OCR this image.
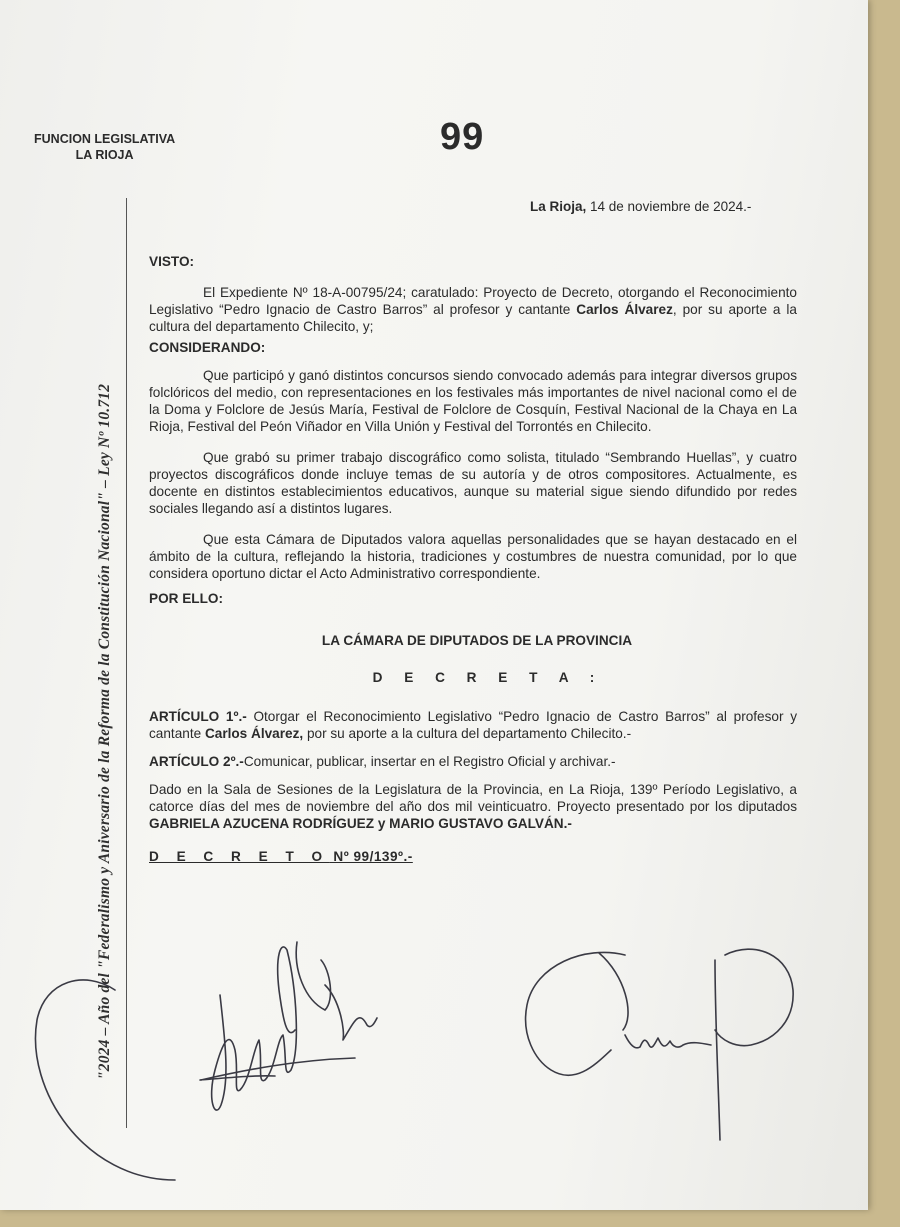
FUNCION LEGISLATIVA
LA RIOJA	99
"2024 – Año del "Federalismo y Aniversario de la Reforma de la Constitución Nacional" – Ley Nº 10.712
La Rioja, 14 de noviembre de 2024.-

VISTO:

El Expediente Nº 18-A-00795/24; caratulado: Proyecto de Decreto, otorgando el Reconocimiento Legislativo “Pedro Ignacio de Castro Barros” al profesor y cantante Carlos Álvarez, por su aporte a la cultura del departamento Chilecito, y;

CONSIDERANDO:

Que participó y ganó distintos concursos siendo convocado además para integrar diversos grupos folclóricos del medio, con representaciones en los festivales más importantes de nivel nacional como el de la Doma y Folclore de Jesús María, Festival de Folclore de Cosquín, Festival Nacional de la Chaya en La Rioja, Festival del Peón Viñador en Villa Unión y Festival del Torrontés en Chilecito.

Que grabó su primer trabajo discográfico como solista, titulado “Sembrando Huellas”, y cuatro proyectos discográficos donde incluye temas de su autoría y de otros compositores. Actualmente, es docente en distintos establecimientos educativos, aunque su material sigue siendo difundido por redes sociales llegando así a distintos lugares.

Que esta Cámara de Diputados valora aquellas personalidades que se hayan destacado en el ámbito de la cultura, reflejando la historia, tradiciones y costumbres de nuestra comunidad, por lo que considera oportuno dictar el Acto Administrativo correspondiente.

POR ELLO:

LA CÁMARA DE DIPUTADOS DE LA PROVINCIA

D E C R E T A :

ARTÍCULO 1º.- Otorgar el Reconocimiento Legislativo “Pedro Ignacio de Castro Barros” al profesor y cantante Carlos Álvarez, por su aporte a la cultura del departamento Chilecito.-

ARTÍCULO 2º.-Comunicar, publicar, insertar en el Registro Oficial y archivar.-

Dado en la Sala de Sesiones de la Legislatura de la Provincia, en La Rioja, 139º Período Legislativo, a catorce días del mes de noviembre del año dos mil veinticuatro. Proyecto presentado por los diputados GABRIELA AZUCENA RODRÍGUEZ y MARIO GUSTAVO GALVÁN.-

D E C R E T O Nº 99/139º.-
